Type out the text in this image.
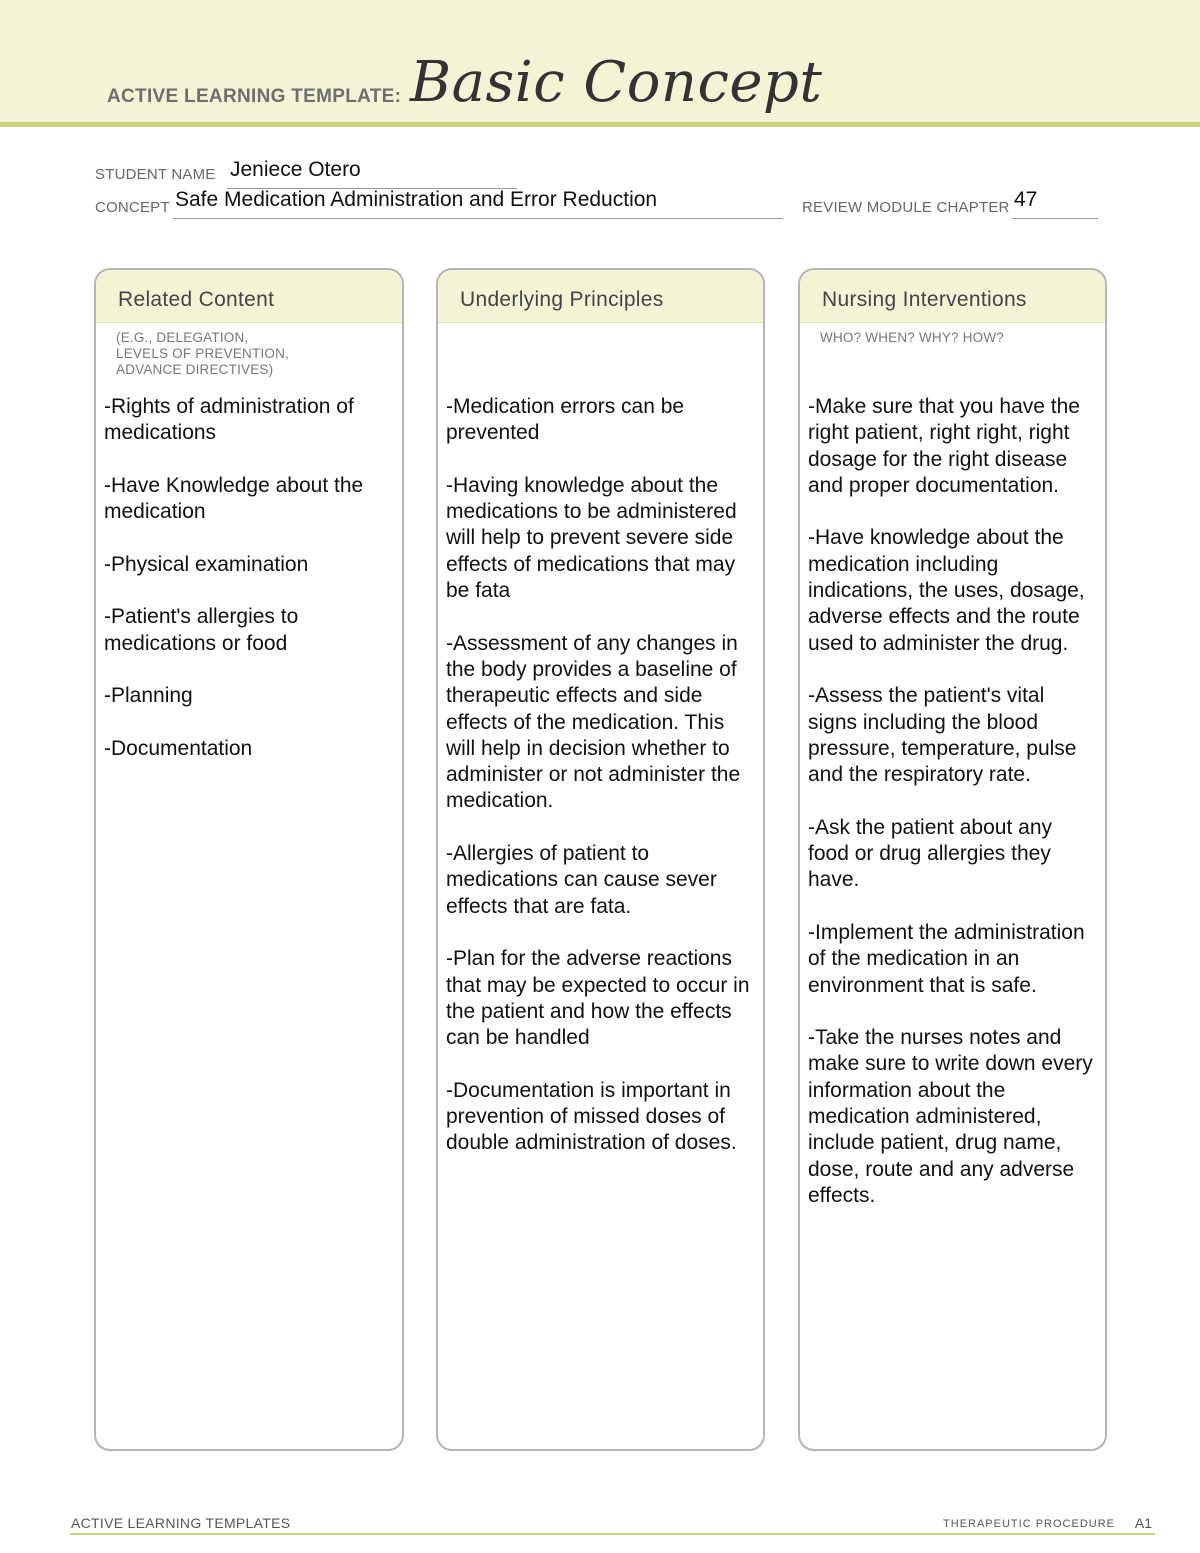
ACTIVE LEARNING TEMPLATE: Basic Concept
STUDENT NAME Jeniece Otero
CONCEPT Safe Medication Administration and Error Reduction	REVIEW MODULE CHAPTER 47
Related Content
(E.G., DELEGATION,
LEVELS OF PREVENTION,
ADVANCE DIRECTIVES)

-Rights of administration of medications

-Have Knowledge about the medication

-Physical examination

-Patient's allergies to medications or food

-Planning

-Documentation

Underlying Principles

-Medication errors can be prevented

-Having knowledge about the medications to be administered will help to prevent severe side effects of medications that may be fata

-Assessment of any changes in the body provides a baseline of therapeutic effects and side effects of the medication. This will help in decision whether to administer or not administer the medication.

-Allergies of patient to medications can cause sever effects that are fata.

-Plan for the adverse reactions that may be expected to occur in the patient and how the effects can be handled

-Documentation is important in prevention of missed doses of double administration of doses.

Nursing Interventions
WHO? WHEN? WHY? HOW?

-Make sure that you have the right patient, right right, right dosage for the right disease and proper documentation.

-Have knowledge about the medication including indications, the uses, dosage, adverse effects and the route used to administer the drug.

-Assess the patient's vital signs including the blood pressure, temperature, pulse and the respiratory rate.

-Ask the patient about any food or drug allergies they have.

-Implement the administration of the medication in an environment that is safe.

-Take the nurses notes and make sure to write down every information about the medication administered, include patient, drug name, dose, route and any adverse effects.

ACTIVE LEARNING TEMPLATES	THERAPEUTIC PROCEDURE A1
